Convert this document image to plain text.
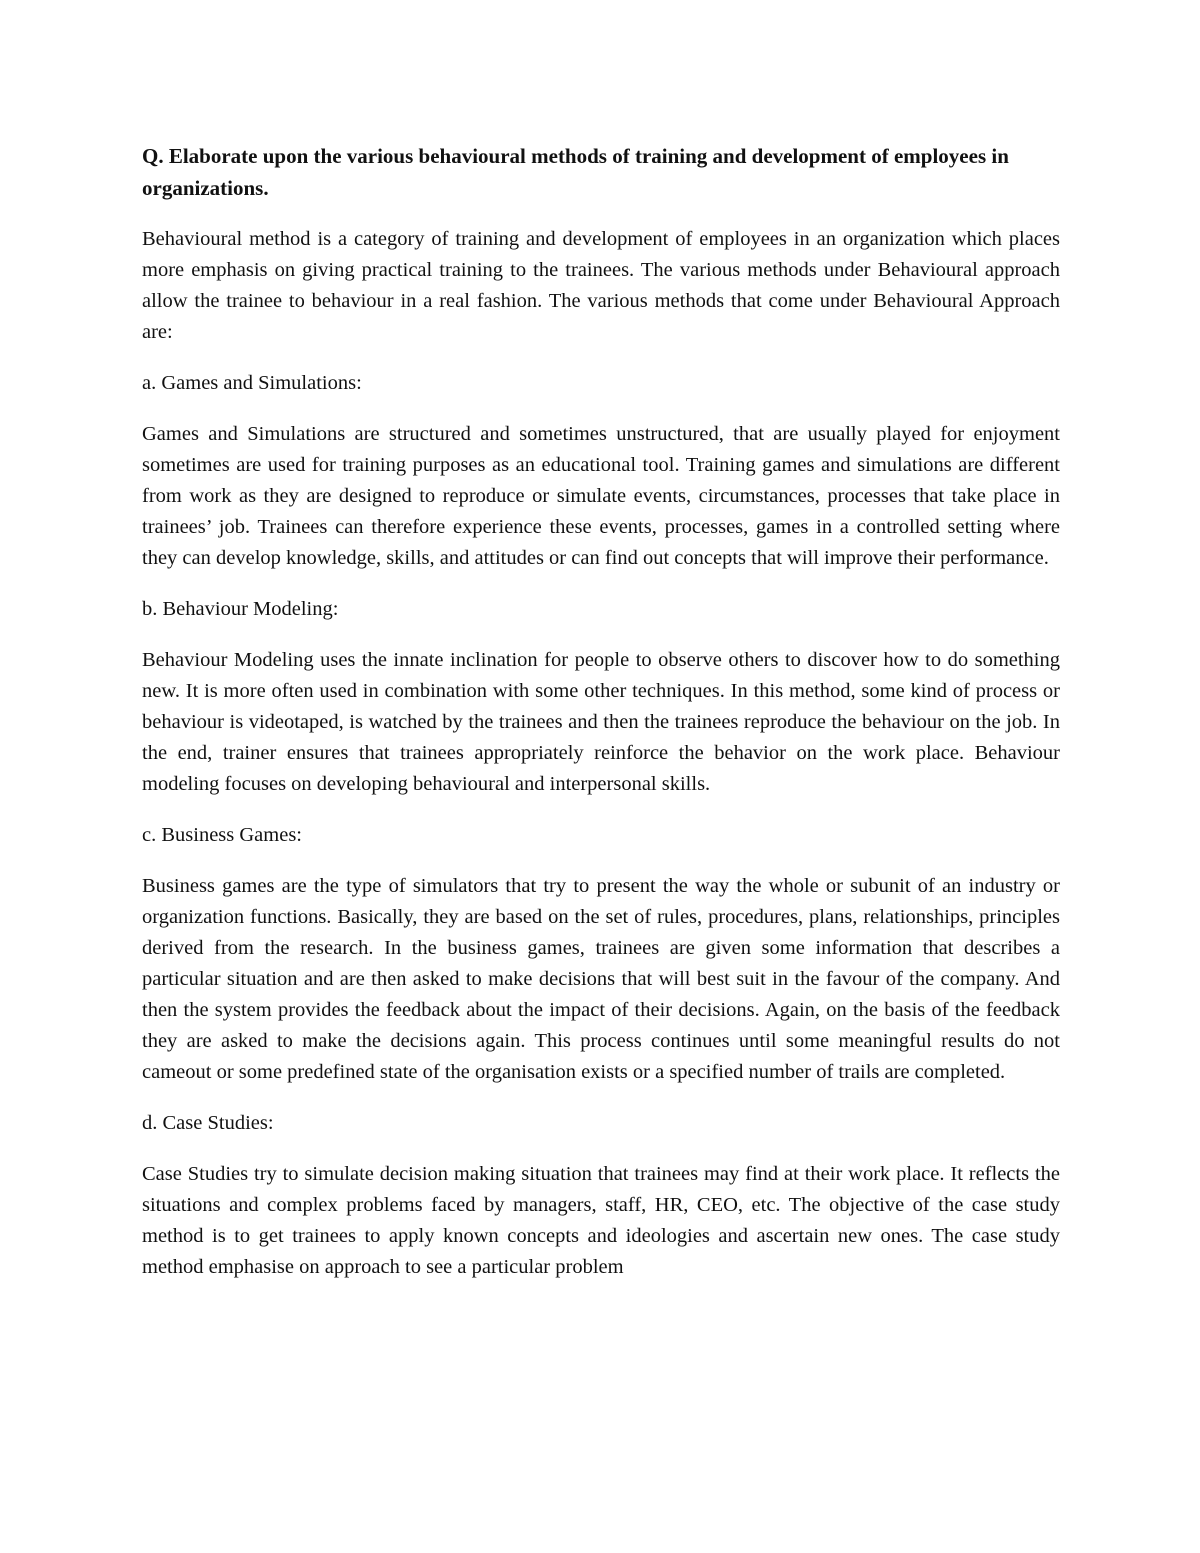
Q. Elaborate upon the various behavioural methods of training and development of employees in organizations.

Behavioural method is a category of training and development of employees in an organization which places more emphasis on giving practical training to the trainees. The various methods under Behavioural approach allow the trainee to behaviour in a real fashion. The various methods that come under Behavioural Approach are:

a. Games and Simulations:

Games and Simulations are structured and sometimes unstructured, that are usually played for enjoyment sometimes are used for training purposes as an educational tool. Training games and simulations are different from work as they are designed to reproduce or simulate events, circumstances, processes that take place in trainees’ job. Trainees can therefore experience these events, processes, games in a controlled setting where they can develop knowledge, skills, and attitudes or can find out concepts that will improve their performance.

b. Behaviour Modeling:

Behaviour Modeling uses the innate inclination for people to observe others to discover how to do something new. It is more often used in combination with some other techniques. In this method, some kind of process or behaviour is videotaped, is watched by the trainees and then the trainees reproduce the behaviour on the job. In the end, trainer ensures that trainees appropriately reinforce the behavior on the work place. Behaviour modeling focuses on developing behavioural and interpersonal skills.

c. Business Games:

Business games are the type of simulators that try to present the way the whole or subunit of an industry or organization functions. Basically, they are based on the set of rules, procedures, plans, relationships, principles derived from the research. In the business games, trainees are given some information that describes a particular situation and are then asked to make decisions that will best suit in the favour of the company. And then the system provides the feedback about the impact of their decisions. Again, on the basis of the feedback they are asked to make the decisions again. This process continues until some meaningful results do not cameout or some predefined state of the organisation exists or a specified number of trails are completed.

d. Case Studies:

Case Studies try to simulate decision making situation that trainees may find at their work place. It reflects the situations and complex problems faced by managers, staff, HR, CEO, etc. The objective of the case study method is to get trainees to apply known concepts and ideologies and ascertain new ones. The case study method emphasise on approach to see a particular problem
